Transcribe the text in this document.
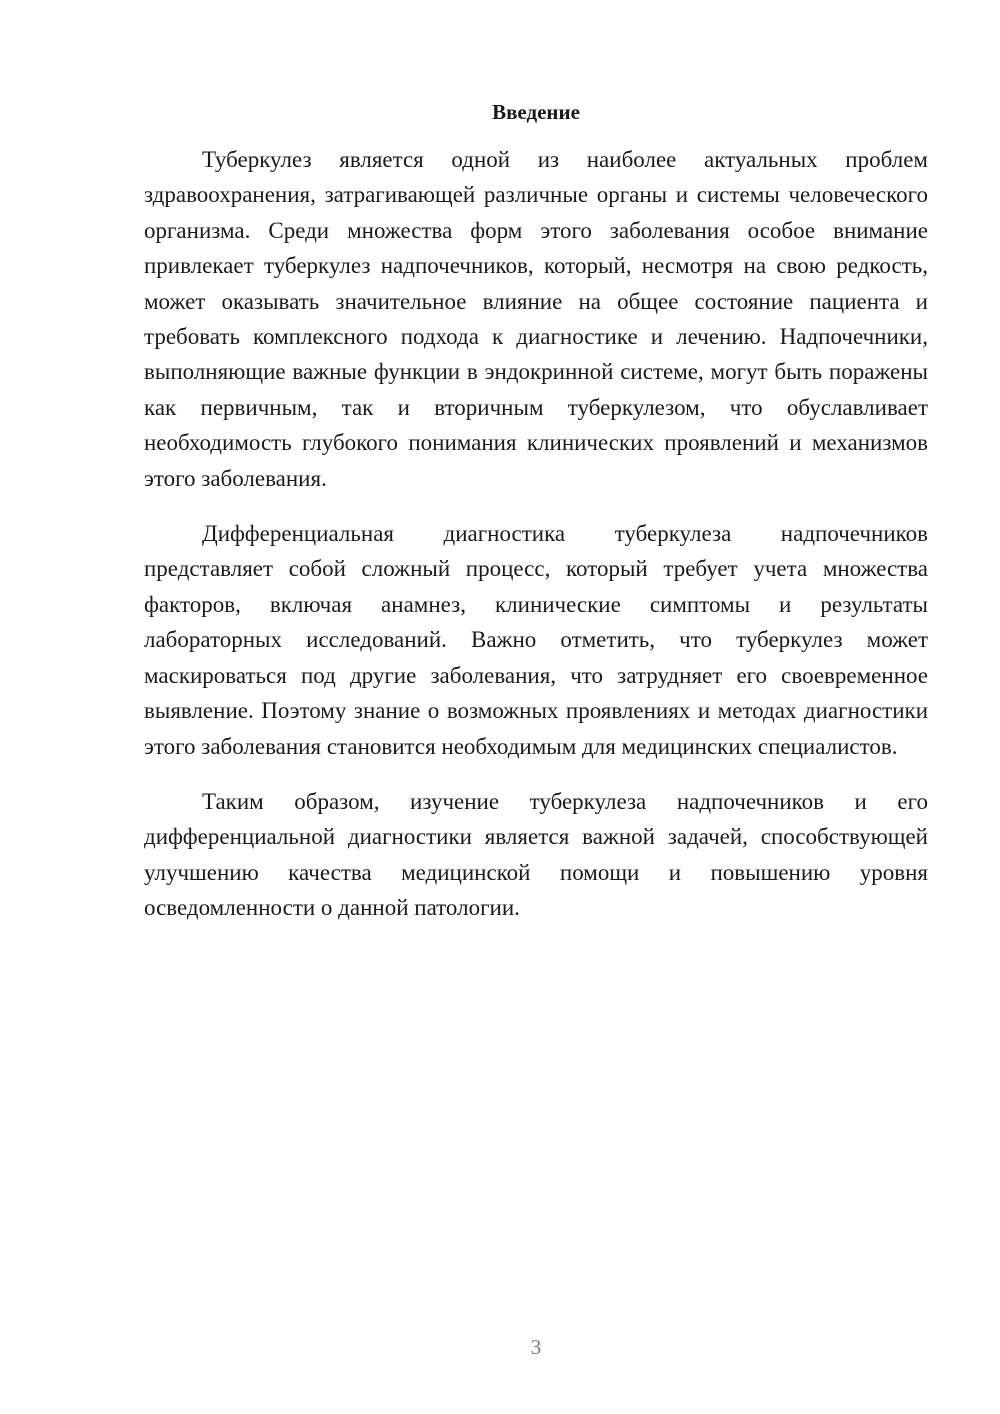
Введение

Туберкулез является одной из наиболее актуальных проблем здравоохранения, затрагивающей различные органы и системы человеческого организма. Среди множества форм этого заболевания особое внимание привлекает туберкулез надпочечников, который, несмотря на свою редкость, может оказывать значительное влияние на общее состояние пациента и требовать комплексного подхода к диагностике и лечению. Надпочечники, выполняющие важные функции в эндокринной системе, могут быть поражены как первичным, так и вторичным туберкулезом, что обуславливает необходимость глубокого понимания клинических проявлений и механизмов этого заболевания.

Дифференциальная диагностика туберкулеза надпочечников представляет собой сложный процесс, который требует учета множества факторов, включая анамнез, клинические симптомы и результаты лабораторных исследований. Важно отметить, что туберкулез может маскироваться под другие заболевания, что затрудняет его своевременное выявление. Поэтому знание о возможных проявлениях и методах диагностики этого заболевания становится необходимым для медицинских специалистов.

Таким образом, изучение туберкулеза надпочечников и его дифференциальной диагностики является важной задачей, способствующей улучшению качества медицинской помощи и повышению уровня осведомленности о данной патологии.

3
